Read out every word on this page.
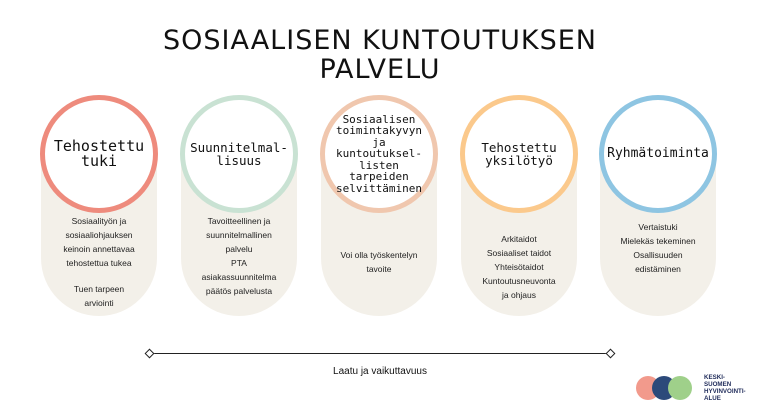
SOSIAALISEN KUNTOUTUKSEN
PALVELU
Tehostettu
tuki

Sosiaalityön ja

sosiaaliohjauksen

keinoin annettavaa

tehostettua tukea

Tuen tarpeen

arviointi

Suunnitelmal-
lisuus

Tavoitteellinen ja

suunnitelmallinen

palvelu

PTA

asiakassuunnitelma

päätös palvelusta

Sosiaalisen
toimintakyvyn
ja kuntoutuksel-
listen tarpeiden
selvittäminen

Voi olla työskentelyn

tavoite

Tehostettu
yksilötyö

Arkitaidot

Sosiaaliset taidot

Yhteisötaidot

Kuntoutusneuvonta

ja ohjaus

Ryhmätoiminta

Vertaistuki

Mielekäs tekeminen

Osallisuuden

edistäminen

Laatu ja vaikuttavuus

KESKI-

SUOMEN

HYVINVOINTI-

ALUE
